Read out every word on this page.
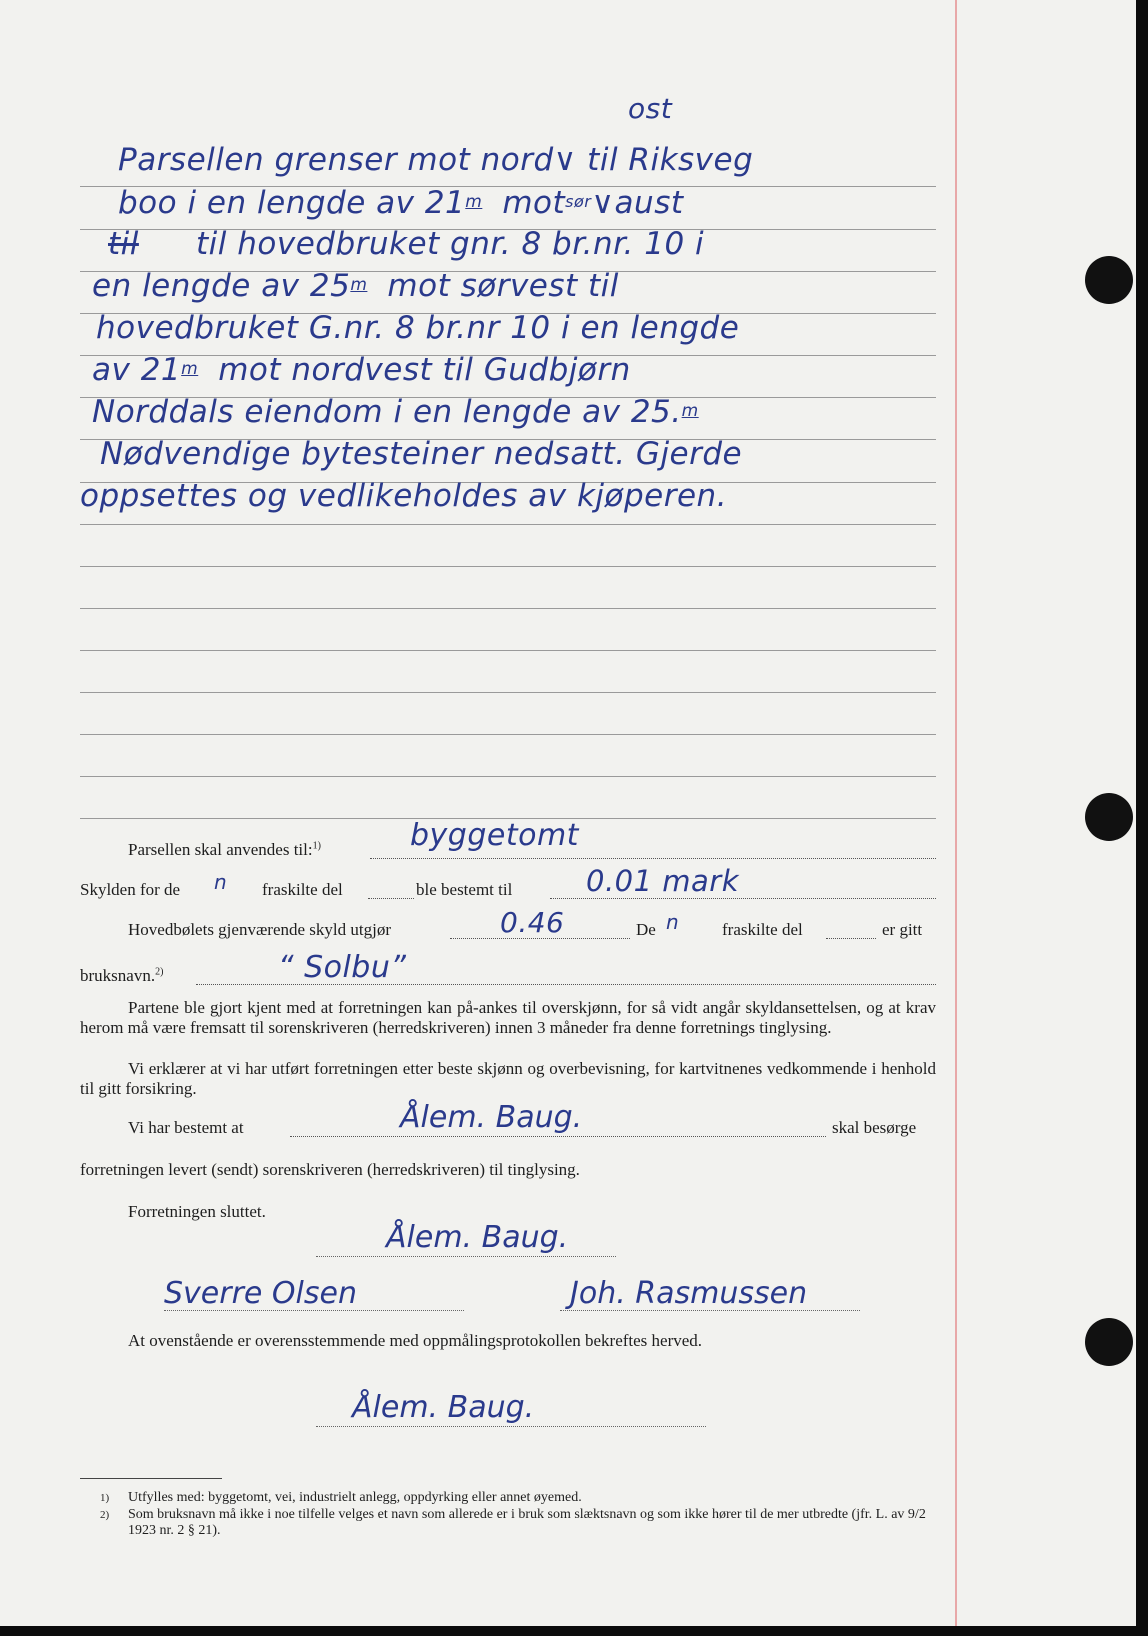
ost
Parsellen grenser mot nord∨ til Riksveg
boo i en lengde av 21$^m$ mot$^{sør}$∨aust
til til hovedbruket gnr. 8 br.nr. 10 i
en lengde av 25$^m$ mot sørvest til
hovedbruket G.nr. 8 br.nr 10 i en lengde
av 21$^m$ mot nordvest til Gudbjørn
Norddals eiendom i en lengde av 25.$^m$
Nødvendige bytesteiner nedsatt. Gjerde
oppsettes og vedlikeholdes av kjøperen.
Parsellen skal anvendes til:$^{1)}$	byggetomt
Skylden for de n fraskilte del	ble bestemt til	0.01 mark
Hovedbølets gjenværende skyld utgjør	0.46	De n	fraskilte del	er gitt
bruksnavn.$^{2)}$	“ Solbu”

Partene ble gjort kjent med at forretningen kan på-ankes til overskjønn, for så vidt angår skyldansettelsen, og at krav herom må være fremsatt til sorenskriveren (herredskriveren) innen 3 måneder fra denne forretnings tinglysing.

Vi erklærer at vi har utført forretningen etter beste skjønn og overbevisning, for kartvitnenes vedkommende i henhold til gitt forsikring.

Vi har bestemt at	Ålem. Baug.	skal besørge
forretningen levert (sendt) sorenskriveren (herredskriveren) til tinglysing.
Forretningen sluttet.
Ålem. Baug.
Sverre Olsen	Joh. Rasmussen
At ovenstående er overensstemmende med oppmålingsprotokollen bekreftes herved.
Ålem. Baug.
1) Utfylles med: byggetomt, vei, industrielt anlegg, oppdyrking eller annet øyemed.
2) Som bruksnavn må ikke i noe tilfelle velges et navn som allerede er i bruk som slæktsnavn og som ikke hører til de mer utbredte (jfr. L. av 9/2 1923 nr. 2 § 21).
